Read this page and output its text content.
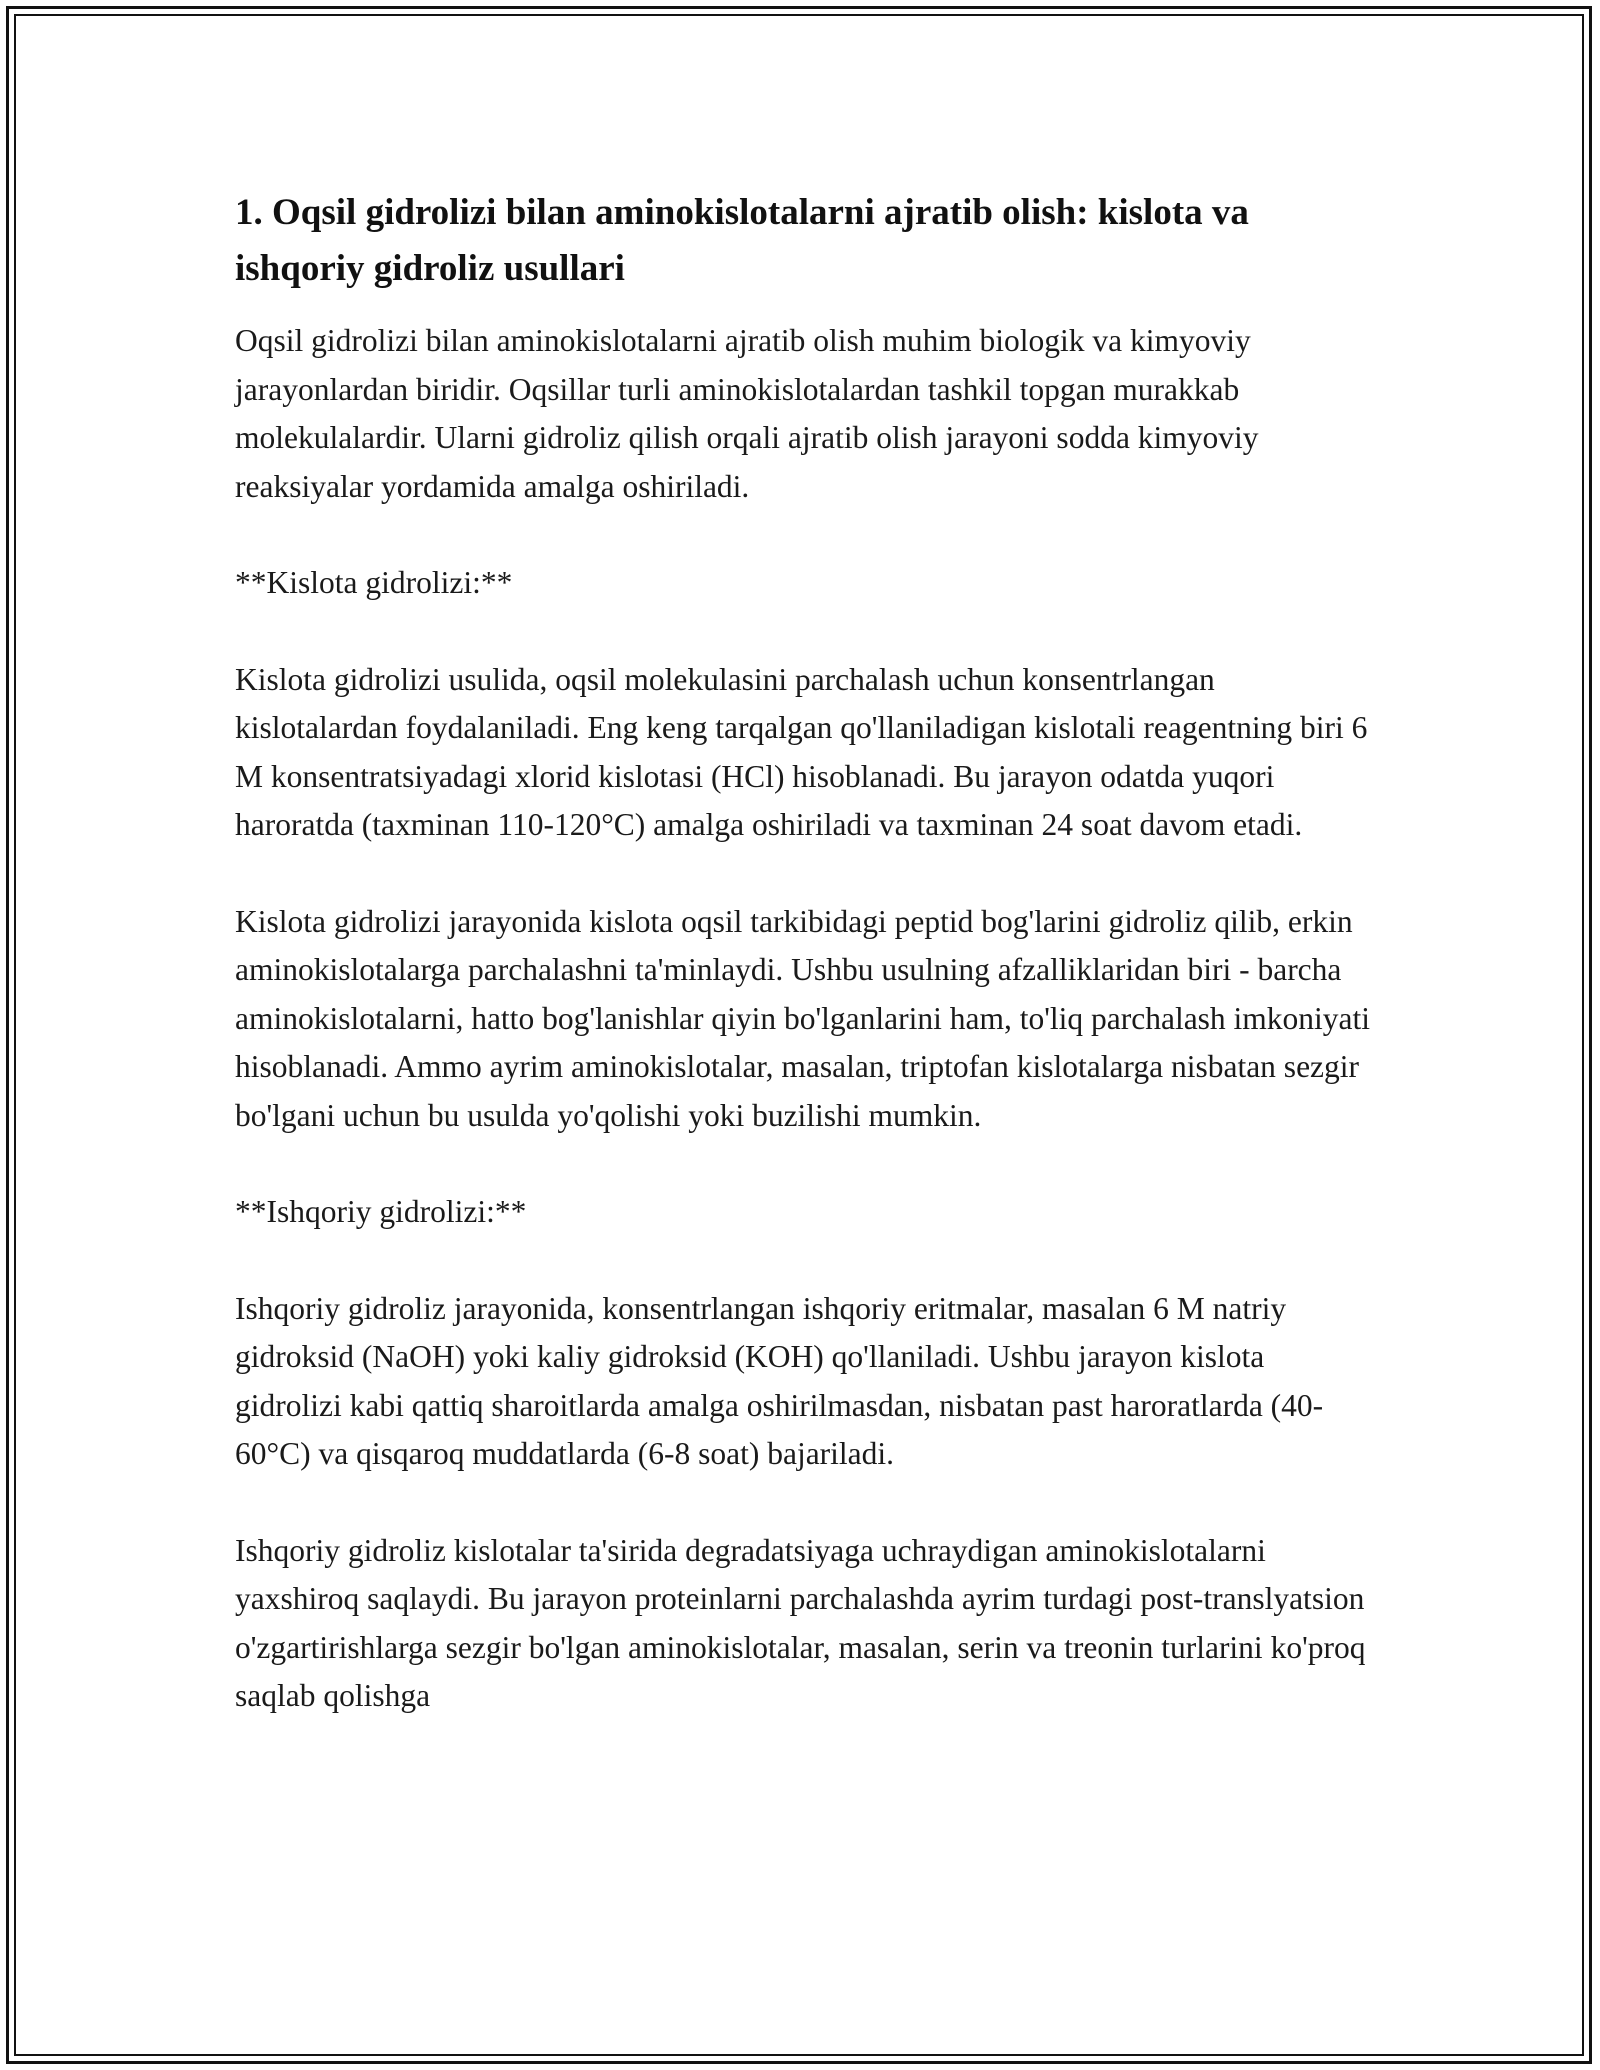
1. Oqsil gidrolizi bilan aminokislotalarni ajratib olish: kislota va ishqoriy gidroliz usullari

Oqsil gidrolizi bilan aminokislotalarni ajratib olish muhim biologik va kimyoviy jarayonlardan biridir. Oqsillar turli aminokislotalardan tashkil topgan murakkab molekulalardir. Ularni gidroliz qilish orqali ajratib olish jarayoni sodda kimyoviy reaksiyalar yordamida amalga oshiriladi.

**Kislota gidrolizi:**

Kislota gidrolizi usulida, oqsil molekulasini parchalash uchun konsentrlangan kislotalardan foydalaniladi. Eng keng tarqalgan qo'llaniladigan kislotali reagentning biri 6 M konsentratsiyadagi xlorid kislotasi (HCl) hisoblanadi. Bu jarayon odatda yuqori haroratda (taxminan 110-120°C) amalga oshiriladi va taxminan 24 soat davom etadi.

Kislota gidrolizi jarayonida kislota oqsil tarkibidagi peptid bog'larini gidroliz qilib, erkin aminokislotalarga parchalashni ta'minlaydi. Ushbu usulning afzalliklaridan biri - barcha aminokislotalarni, hatto bog'lanishlar qiyin bo'lganlarini ham, to'liq parchalash imkoniyati hisoblanadi. Ammo ayrim aminokislotalar, masalan, triptofan kislotalarga nisbatan sezgir bo'lgani uchun bu usulda yo'qolishi yoki buzilishi mumkin.

**Ishqoriy gidrolizi:**

Ishqoriy gidroliz jarayonida, konsentrlangan ishqoriy eritmalar, masalan 6 M natriy gidroksid (NaOH) yoki kaliy gidroksid (KOH) qo'llaniladi. Ushbu jarayon kislota gidrolizi kabi qattiq sharoitlarda amalga oshirilmasdan, nisbatan past haroratlarda (40-60°C) va qisqaroq muddatlarda (6-8 soat) bajariladi.

Ishqoriy gidroliz kislotalar ta'sirida degradatsiyaga uchraydigan aminokislotalarni yaxshiroq saqlaydi. Bu jarayon proteinlarni parchalashda ayrim turdagi post-translyatsion o'zgartirishlarga sezgir bo'lgan aminokislotalar, masalan, serin va treonin turlarini ko'proq saqlab qolishga
